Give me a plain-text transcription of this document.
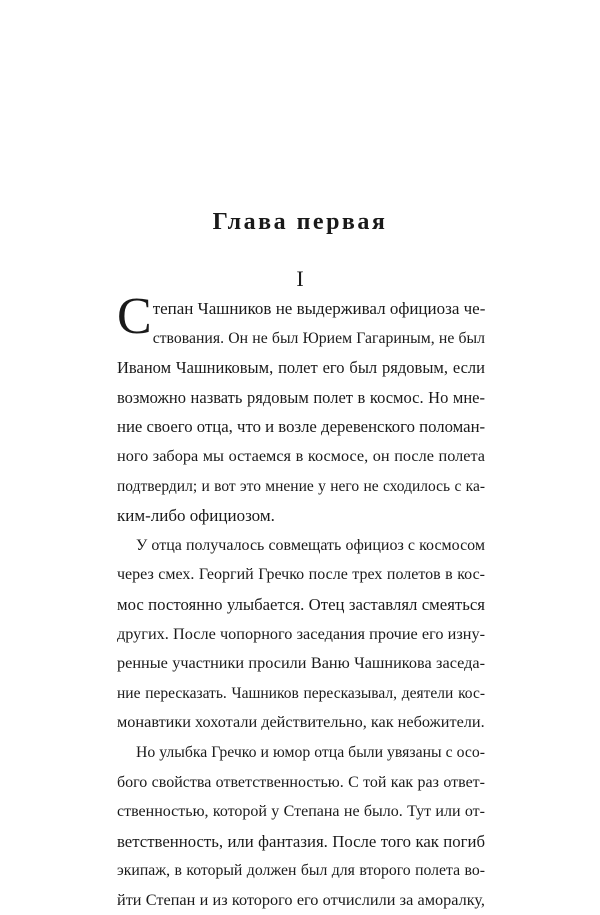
Глава первая
I
С тепан Чашников не выдерживал официоза че-
ствования. Он не был Юрием Гагариным, не был
Иваном Чашниковым, полет его был рядовым, если
возможно назвать рядовым полет в космос. Но мне-
ние своего отца, что и возле деревенского поломан-
ного забора мы остаемся в космосе, он после полета
подтвердил; и вот это мнение у него не сходилось с ка-
ким-либо официозом.
У отца получалось совмещать официоз с космосом
через смех. Георгий Гречко после трех полетов в кос-
мос постоянно улыбается. Отец заставлял смеяться
других. После чопорного заседания прочие его изну-
ренные участники просили Ваню Чашникова заседа-
ние пересказать. Чашников пересказывал, деятели кос-
монавтики хохотали действительно, как небожители.
Но улыбка Гречко и юмор отца были увязаны с осо-
бого свойства ответственностью. С той как раз ответ-
ственностью, которой у Степана не было. Тут или от-
ветственность, или фантазия. После того как погиб
экипаж, в который должен был для второго полета во-
йти Степан и из которого его отчислили за аморалку,
